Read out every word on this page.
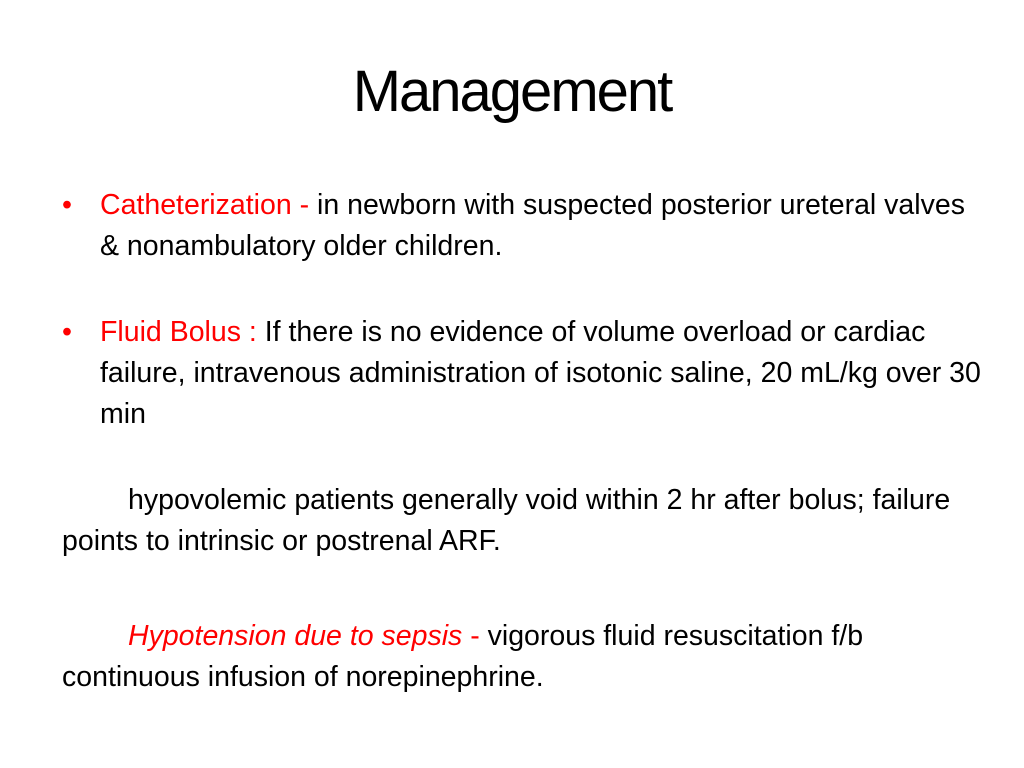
Management
• Catheterization - in newborn with suspected posterior ureteral valves & nonambulatory older children.
• Fluid Bolus : If there is no evidence of volume overload or cardiac failure, intravenous administration of isotonic saline, 20 mL/kg over 30 min
hypovolemic patients generally void within 2 hr after bolus; failure points to intrinsic or postrenal ARF.
Hypotension due to sepsis - vigorous fluid resuscitation f/b continuous infusion of norepinephrine.
